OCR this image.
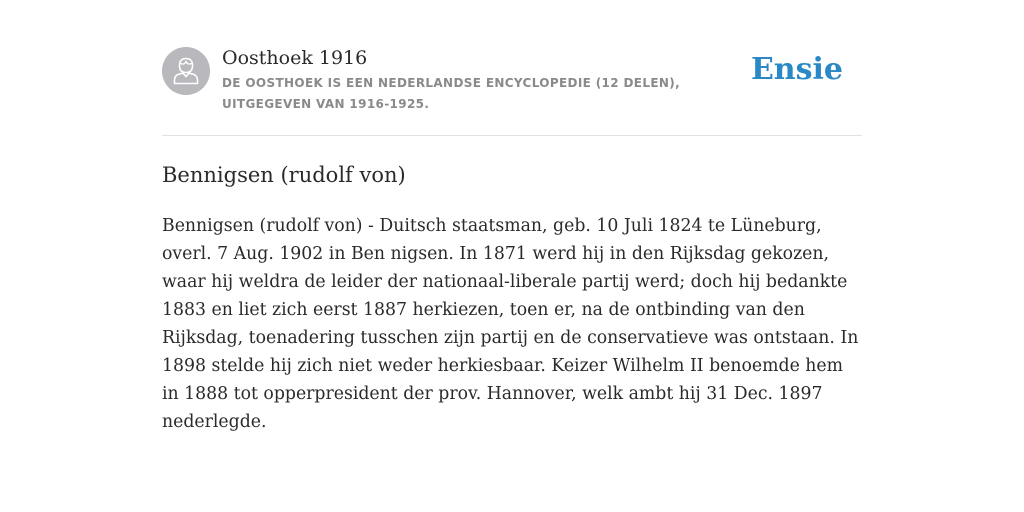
Oosthoek 1916
DE OOSTHOEK IS EEN NEDERLANDSE ENCYCLOPEDIE (12 DELEN), UITGEGEVEN VAN 1916-1925.
Ensie
Bennigsen (rudolf von)

Bennigsen (rudolf von) - Duitsch staatsman, geb. 10 Juli 1824 te Lüneburg, overl. 7 Aug. 1902 in Ben nigsen. In 1871 werd hij in den Rijksdag gekozen, waar hij weldra de leider der nationaal-liberale partij werd; doch hij bedankte 1883 en liet zich eerst 1887 herkiezen, toen er, na de ontbinding van den Rijksdag, toenadering tusschen zijn partij en de conservatieve was ontstaan. In 1898 stelde hij zich niet weder herkiesbaar. Keizer Wilhelm II benoemde hem in 1888 tot opperpresident der prov. Hannover, welk ambt hij 31 Dec. 1897 nederlegde.
